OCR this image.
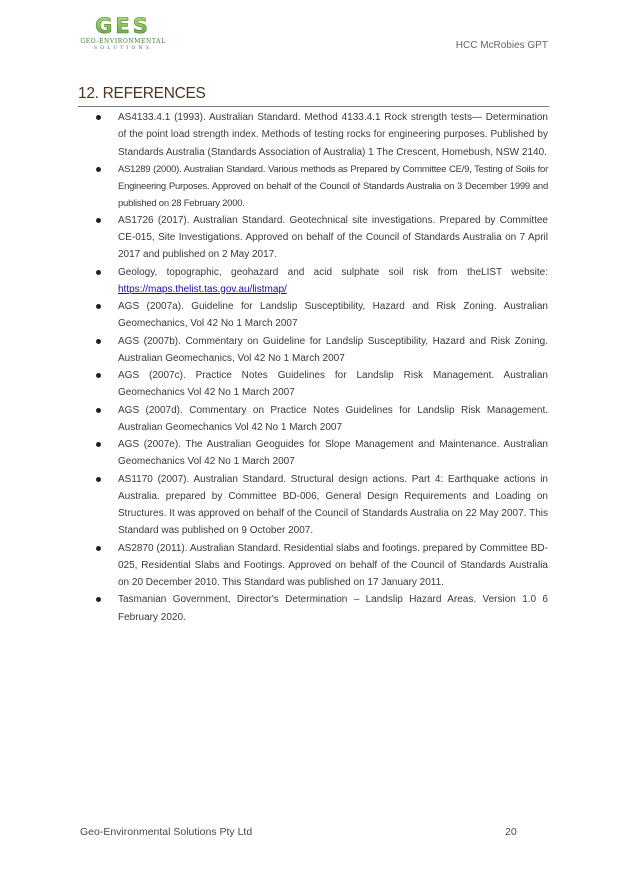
GES
GEO-ENVIRONMENTAL
SOLUTIONS	HCC McRobies GPT
12. REFERENCES
AS4133.4.1 (1993). Australian Standard. Method 4133.4.1 Rock strength tests— Determination of the point load strength index. Methods of testing rocks for engineering purposes. Published by Standards Australia (Standards Association of Australia) 1 The Crescent, Homebush, NSW 2140.
AS1289 (2000). Australian Standard. Various methods as Prepared by Committee CE/9, Testing of Soils for Engineering Purposes. Approved on behalf of the Council of Standards Australia on 3 December 1999 and published on 28 February 2000.
AS1726 (2017). Australian Standard. Geotechnical site investigations. Prepared by Committee CE-015, Site Investigations. Approved on behalf of the Council of Standards Australia on 7 April 2017 and published on 2 May 2017.
Geology, topographic, geohazard and acid sulphate soil risk from theLIST website: https://maps.thelist.tas.gov.au/listmap/
AGS (2007a). Guideline for Landslip Susceptibility, Hazard and Risk Zoning. Australian Geomechanics, Vol 42 No 1 March 2007
AGS (2007b). Commentary on Guideline for Landslip Susceptibility, Hazard and Risk Zoning. Australian Geomechanics, Vol 42 No 1 March 2007
AGS (2007c). Practice Notes Guidelines for Landslip Risk Management. Australian Geomechanics Vol 42 No 1 March 2007
AGS (2007d). Commentary on Practice Notes Guidelines for Landslip Risk Management. Australian Geomechanics Vol 42 No 1 March 2007
AGS (2007e). The Australian Geoguides for Slope Management and Maintenance. Australian Geomechanics Vol 42 No 1 March 2007
AS1170 (2007). Australian Standard. Structural design actions. Part 4: Earthquake actions in Australia. prepared by Committee BD-006, General Design Requirements and Loading on Structures. It was approved on behalf of the Council of Standards Australia on 22 May 2007. This Standard was published on 9 October 2007.
AS2870 (2011). Australian Standard. Residential slabs and footings. prepared by Committee BD-025, Residential Slabs and Footings. Approved on behalf of the Council of Standards Australia on 20 December 2010. This Standard was published on 17 January 2011.
Tasmanian Government, Director's Determination – Landslip Hazard Areas. Version 1.0 6 February 2020.
Geo-Environmental Solutions Pty Ltd	20
